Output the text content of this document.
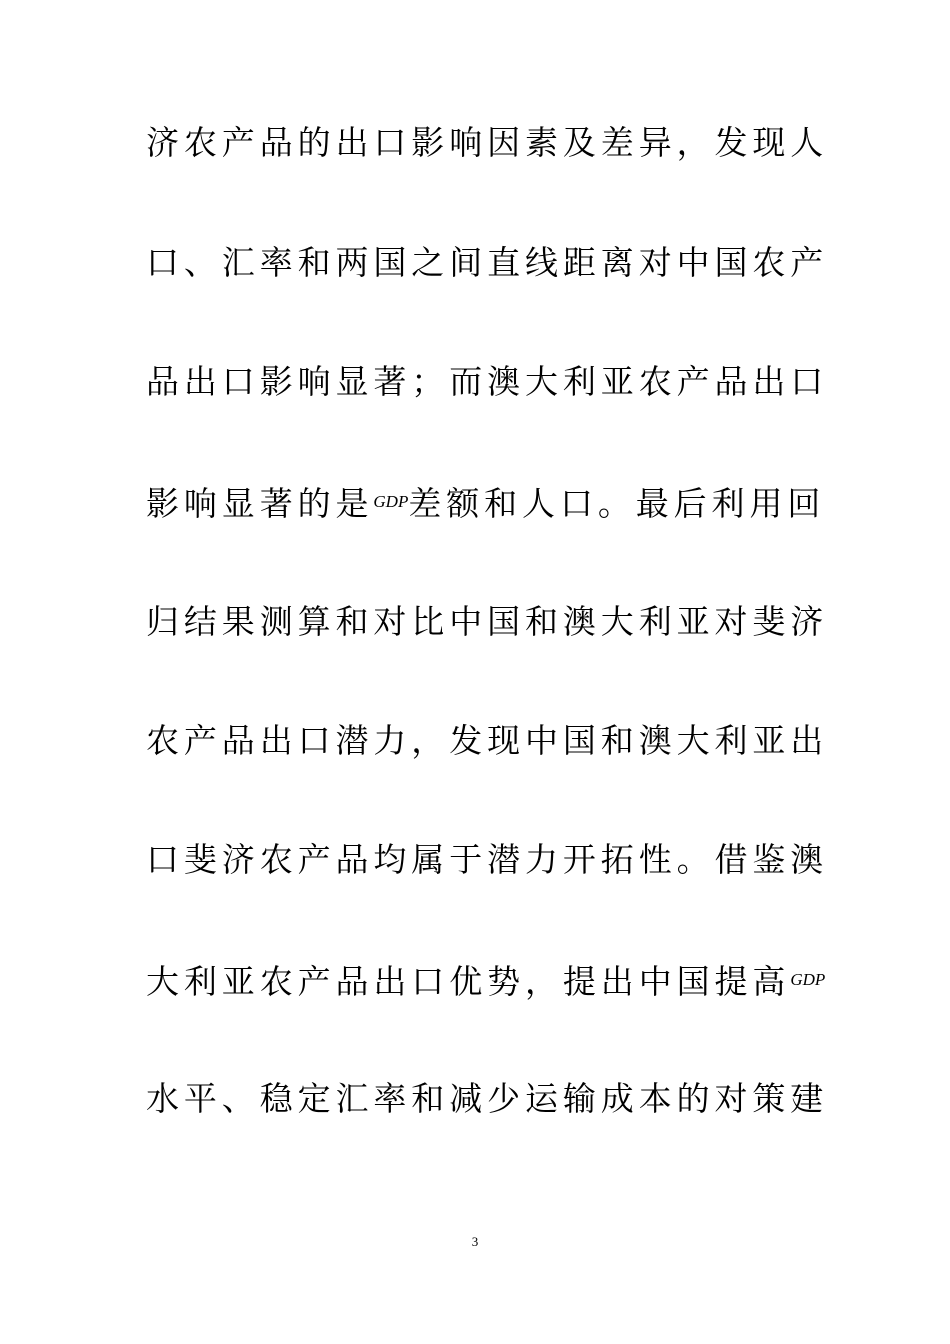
济农产品的出口影响因素及差异，发现人
口、汇率和两国之间直线距离对中国农产
品出口影响显著；而澳大利亚农产品出口
影响显著的是$^{GDP}$差额和人口。最后利用回
归结果测算和对比中国和澳大利亚对斐济
农产品出口潜力，发现中国和澳大利亚出
口斐济农产品均属于潜力开拓性。借鉴澳
大利亚农产品出口优势，提出中国提高$^{GDP}$
水平、稳定汇率和减少运输成本的对策建
3
